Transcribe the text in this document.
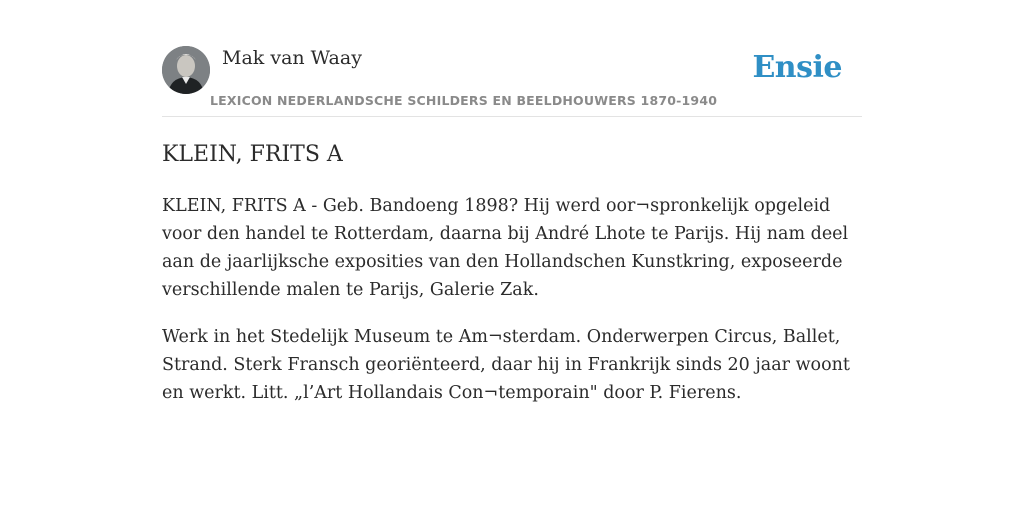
Mak van Waay
LEXICON NEDERLANDSCHE SCHILDERS EN BEELDHOUWERS 1870-1940
Ensie
KLEIN, FRITS A

KLEIN, FRITS A - Geb. Bandoeng 1898? Hij werd oor¬spronkelijk opgeleid voor den handel te Rotterdam, daarna bij André Lhote te Parijs. Hij nam deel aan de jaarlijksche exposities van den Hollandschen Kunstkring, exposeerde verschillende malen te Parijs, Galerie Zak.

Werk in het Stedelijk Museum te Am¬sterdam. Onderwerpen Circus, Ballet, Strand. Sterk Fransch georiënteerd, daar hij in Frankrijk sinds 20 jaar woont en werkt. Litt. „l’Art Hollandais Con¬temporain" door P. Fierens.
